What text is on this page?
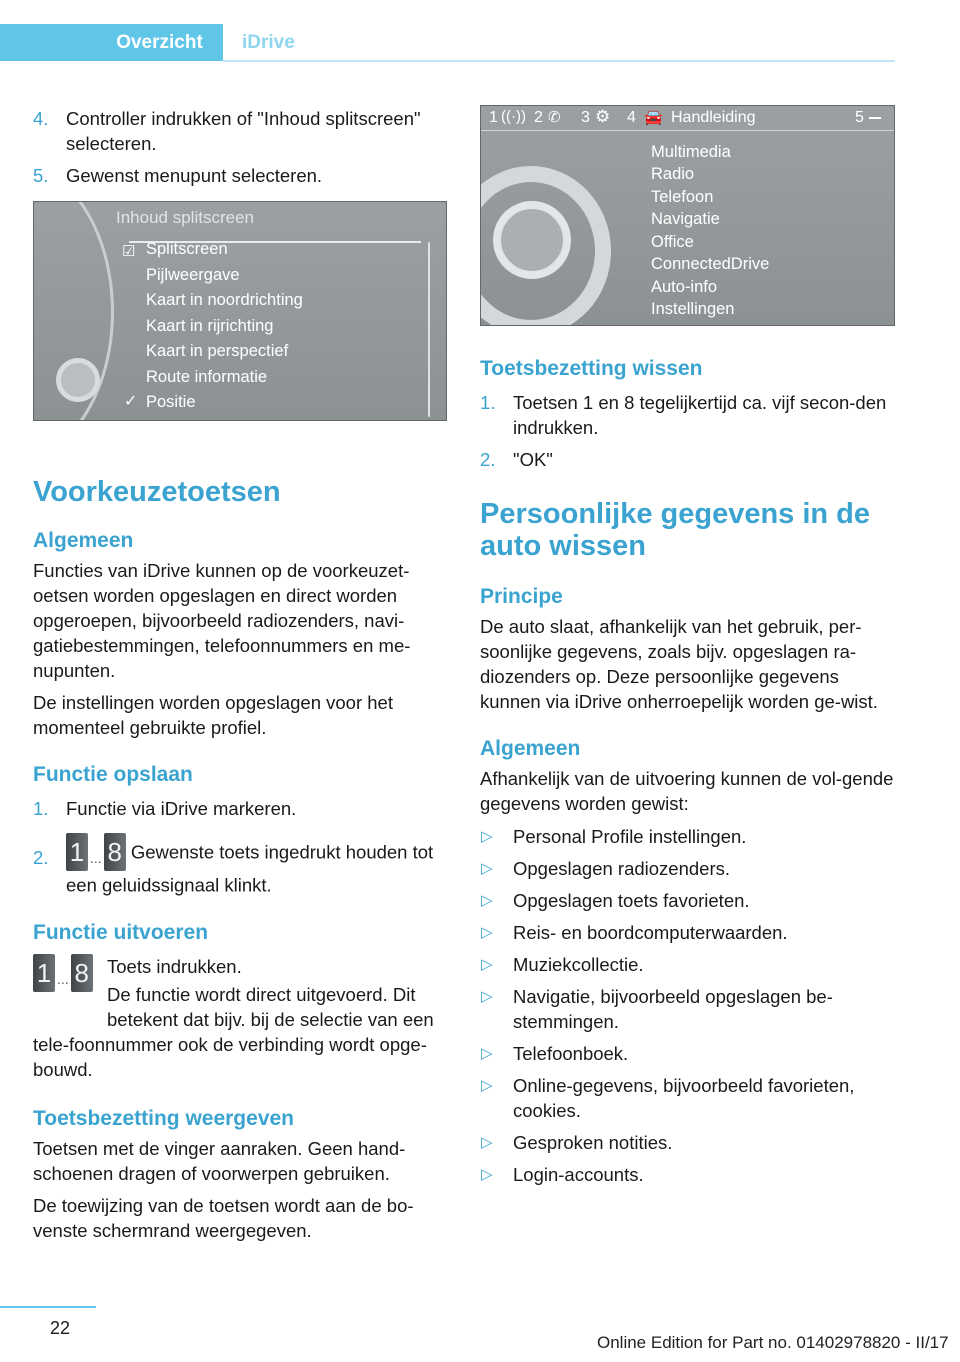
Overzicht	iDrive
4. Controller indrukken of "Inhoud splitscreen" selecteren.
5. Gewenst menupunt selecteren.
Inhoud splitscreen
☑ Splitscreen
Pijlweergave
Kaart in noordrichting
Kaart in rijrichting
Kaart in perspectief
Route informatie
✓ Positie
Voorkeuzetoetsen
Algemeen

Functies van iDrive kunnen op de voorkeuzet‐oetsen worden opgeslagen en direct worden opgeroepen, bijvoorbeeld radiozenders, navi‐gatiebestemmingen, telefoonnummers en me‐nupunten.

De instellingen worden opgeslagen voor het momenteel gebruikte profiel.

Functie opslaan
1. Functie via iDrive markeren.
2. 1 ... 8 Gewenste toets ingedrukt houden tot een geluidssignaal klinkt.
Functie uitvoeren
1 ... 8 Toets indrukken.

De functie wordt direct uitgevoerd. Dit betekent dat bijv. bij de selectie van een tele‐foonnummer ook de verbinding wordt opge‐bouwd.

Toetsbezetting weergeven

Toetsen met de vinger aanraken. Geen hand‐schoenen dragen of voorwerpen gebruiken.

De toewijzing van de toetsen wordt aan de bo‐venste schermrand weergegeven.

1 ((·)) 2 ✆ 3 ⚙ 4 🚘 Handleiding	5
Multimedia
Radio
Telefoon
Navigatie
Office
ConnectedDrive
Auto-info
Instellingen
Toetsbezetting wissen
1. Toetsen 1 en 8 tegelijkertijd ca. vijf secon‐den indrukken.
2. "OK"
Persoonlijke gegevens in de auto wissen
Principe

De auto slaat, afhankelijk van het gebruik, per‐soonlijke gegevens, zoals bijv. opgeslagen ra‐diozenders op. Deze persoonlijke gegevens kunnen via iDrive onherroepelijk worden ge‐wist.

Algemeen

Afhankelijk van de uitvoering kunnen de vol‐gende gegevens worden gewist:

▷ Personal Profile instellingen.
▷ Opgeslagen radiozenders.
▷ Opgeslagen toets favorieten.
▷ Reis- en boordcomputerwaarden.
▷ Muziekcollectie.
▷ Navigatie, bijvoorbeeld opgeslagen be‐stemmingen.
▷ Telefoonboek.
▷ Online-gegevens, bijvoorbeeld favorieten, cookies.
▷ Gesproken notities.
▷ Login-accounts.
22
Online Edition for Part no. 01402978820 - II/17
